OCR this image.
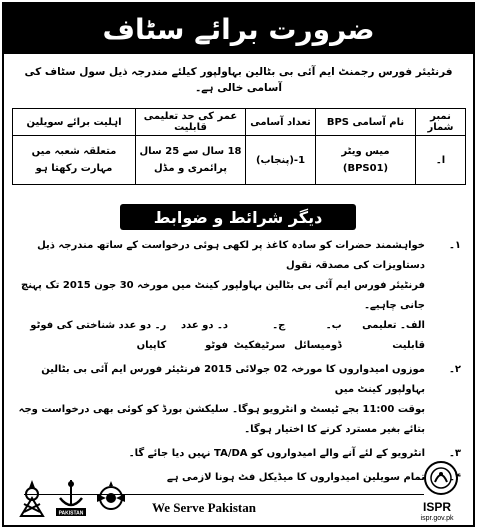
ضرورت برائے سٹاف
فرنٹیئر فورس رجمنٹ ایم آئی بی بٹالین بہاولپور کیلئے مندرجہ ذیل سول سٹاف کی آسامی خالی ہے۔
نمبر شمار	نام آسامی BPS	تعداد آسامی	عمر کی حد تعلیمی قابلیت	اہلیت برائے سویلین
ا۔	میس ویٹر (BPS01)	1-(پنجاب)	18 سال سے 25 سال پرائمری و مڈل	متعلقہ شعبہ میں مہارت رکھتا ہو
دیگر شرائط و ضوابط
۱۔

خواہشمند حضرات کو سادہ کاغذ پر لکھی ہوئی درخواست کے ساتھ مندرجہ ذیل دستاویزات کی مصدقہ نقول

فرنٹیئر فورس ایم آئی بی بٹالین بہاولپور کینٹ میں مورخہ 30 جون 2015 تک پہنچ جانی چاہیے۔

الف۔ تعلیمی قابلیت
ب۔ ڈومیسائل
ج۔ سرٹیفکیٹ
د۔ دو عدد فوٹو
ر۔ دو عدد شناختی کی فوٹو کاپیاں
۲۔

موزوں امیدواروں کا مورخہ 02 جولائی 2015 فرنٹیئر فورس ایم آئی بی بٹالین بہاولپور کینٹ میں

بوقت 11:00 بجے ٹیسٹ و انٹرویو ہوگا۔ سلیکشن بورڈ کو کوئی بھی درخواست وجہ بتائے بغیر مسترد کرنے کا اختیار ہوگا۔

۳۔

انٹرویو کے لئے آنے والے امیدواروں کو TA/DA نہیں دیا جائے گا۔

۴۔

تمام سویلین امیدواروں کا میڈیکل فٹ ہونا لازمی ہے

PAKISTAN	We Serve Pakistan	ISPR
ispr.gov.pk
